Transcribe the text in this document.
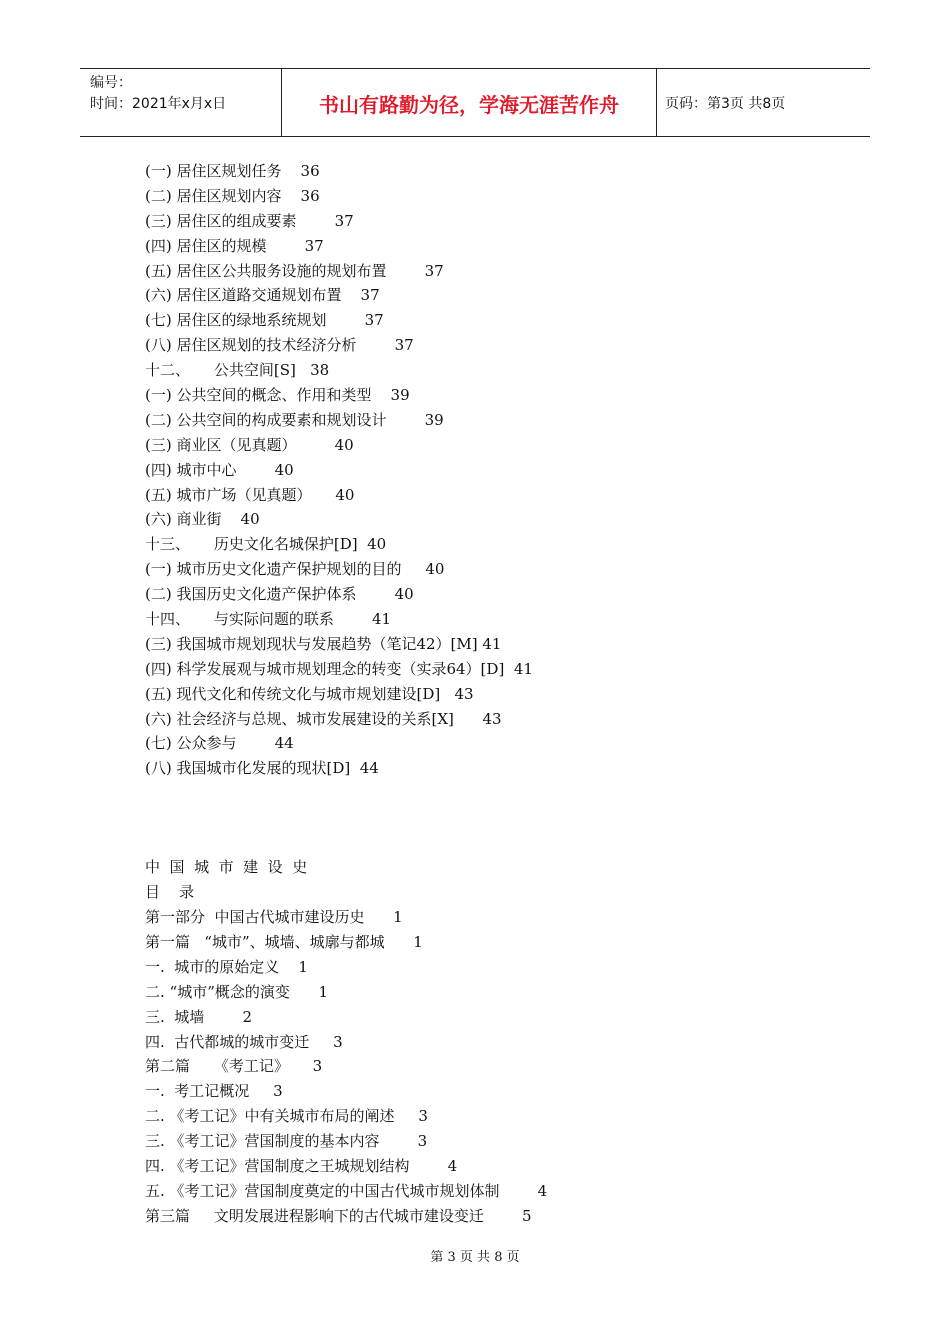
编号：
时间：2021年x月x日	书山有路勤为径，学海无涯苦作舟	页码：第3页 共8页
(一) 居住区规划任务    36
(二) 居住区规划内容    36
(三) 居住区的组成要素        37
(四) 居住区的规模        37
(五) 居住区公共服务设施的规划布置        37
(六) 居住区道路交通规划布置    37
(七) 居住区的绿地系统规划        37
(八) 居住区规划的技术经济分析        37
十二、     公共空间[S]   38
(一) 公共空间的概念、作用和类型    39
(二) 公共空间的构成要素和规划设计        39
(三) 商业区（见真题）        40
(四) 城市中心        40
(五) 城市广场（见真题）     40
(六) 商业街    40
十三、     历史文化名城保护[D]  40
(一) 城市历史文化遗产保护规划的目的     40
(二) 我国历史文化遗产保护体系        40
十四、     与实际问题的联系        41
(三) 我国城市规划现状与发展趋势（笔记42）[M] 41
(四) 科学发展观与城市规划理念的转变（实录64）[D]  41
(五) 现代文化和传统文化与城市规划建设[D]   43
(六) 社会经济与总规、城市发展建设的关系[X]      43
(七) 公众参与        44
(八) 我国城市化发展的现状[D]  44
中  国  城  市  建  设  史
目    录
第一部分  中国古代城市建设历史      1
第一篇   “城市”、城墙、城廓与都城      1
一.  城市的原始定义    1
二. “城市”概念的演变      1
三.  城墙        2
四.  古代都城的城市变迁     3
第二篇     《考工记》     3
一.  考工记概况     3
二. 《考工记》中有关城市布局的阐述     3
三. 《考工记》营国制度的基本内容        3
四. 《考工记》营国制度之王城规划结构        4
五. 《考工记》营国制度奠定的中国古代城市规划体制        4
第三篇     文明发展进程影响下的古代城市建设变迁        5
第 3 页 共 8 页
